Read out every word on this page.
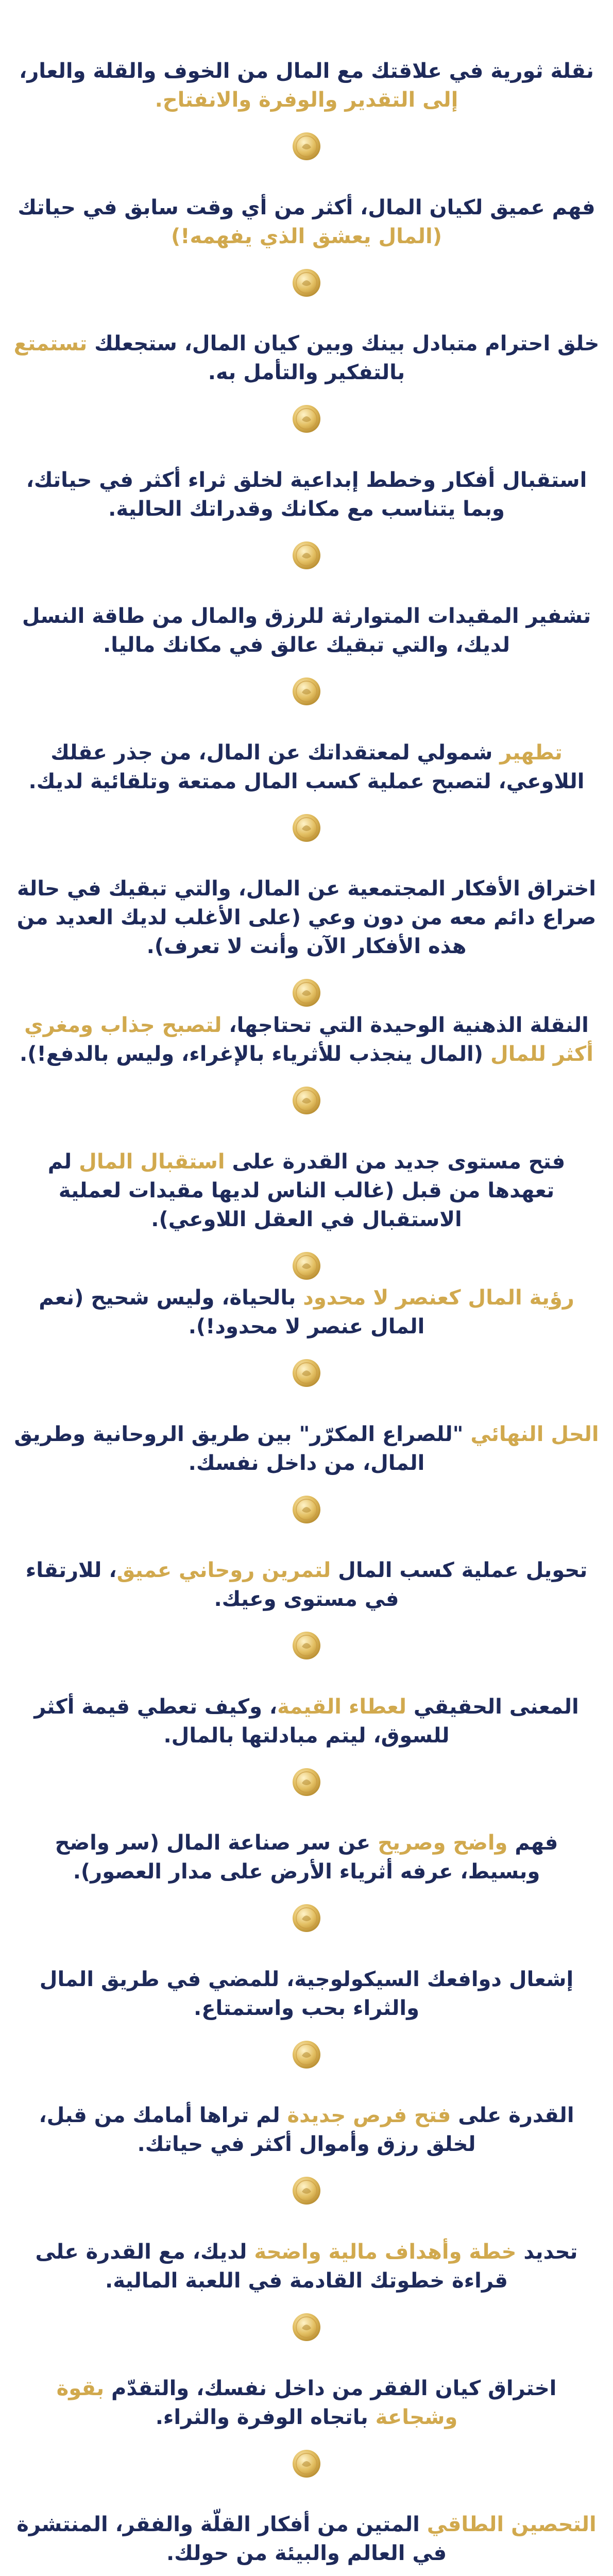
نقلة ثورية في علاقتك مع المال من الخوف والقلة والعار، إلى التقدير والوفرة والانفتاح.
فهم عميق لكيان المال، أكثر من أي وقت سابق في حياتك (المال يعشق الذي يفهمه!)
خلق احترام متبادل بينك وبين كيان المال، ستجعلك تستمتع بالتفكير والتأمل به.
استقبال أفكار وخطط إبداعية لخلق ثراء أكثر في حياتك، وبما يتناسب مع مكانك وقدراتك الحالية.
تشفير المقيدات المتوارثة للرزق والمال من طاقة النسل لديك، والتي تبقيك عالق في مكانك ماليا.
تطهير شمولي لمعتقداتك عن المال، من جذر عقلك اللاوعي، لتصبح عملية كسب المال ممتعة وتلقائية لديك.
اختراق الأفكار المجتمعية عن المال، والتي تبقيك في حالة صراع دائم معه من دون وعي (على الأغلب لديك العديد من هذه الأفكار الآن وأنت لا تعرف).
النقلة الذهنية الوحيدة التي تحتاجها، لتصبح جذاب ومغري أكثر للمال (المال ينجذب للأثرياء بالإغراء، وليس بالدفع!).
فتح مستوى جديد من القدرة على استقبال المال لم تعهدها من قبل (غالب الناس لديها مقيدات لعملية الاستقبال في العقل اللاوعي).
رؤية المال كعنصر لا محدود بالحياة، وليس شحيح (نعم المال عنصر لا محدود!).
الحل النهائي "للصراع المكرّر" بين طريق الروحانية وطريق المال، من داخل نفسك.
تحويل عملية كسب المال لتمرين روحاني عميق، للارتقاء في مستوى وعيك.
المعنى الحقيقي لعطاء القيمة، وكيف تعطي قيمة أكثر للسوق، ليتم مبادلتها بالمال.
فهم واضح وصريح عن سر صناعة المال (سر واضح وبسيط، عرفه أثرياء الأرض على مدار العصور).
إشعال دوافعك السيكولوجية، للمضي في طريق المال والثراء بحب واستمتاع.
القدرة على فتح فرص جديدة لم تراها أمامك من قبل، لخلق رزق وأموال أكثر في حياتك.
تحديد خطة وأهداف مالية واضحة لديك، مع القدرة على قراءة خطوتك القادمة في اللعبة المالية.
اختراق كيان الفقر من داخل نفسك، والتقدّم بقوة وشجاعة باتجاه الوفرة والثراء.
التحصين الطاقي المتين من أفكار القلّة والفقر، المنتشرة في العالم والبيئة من حولك.
